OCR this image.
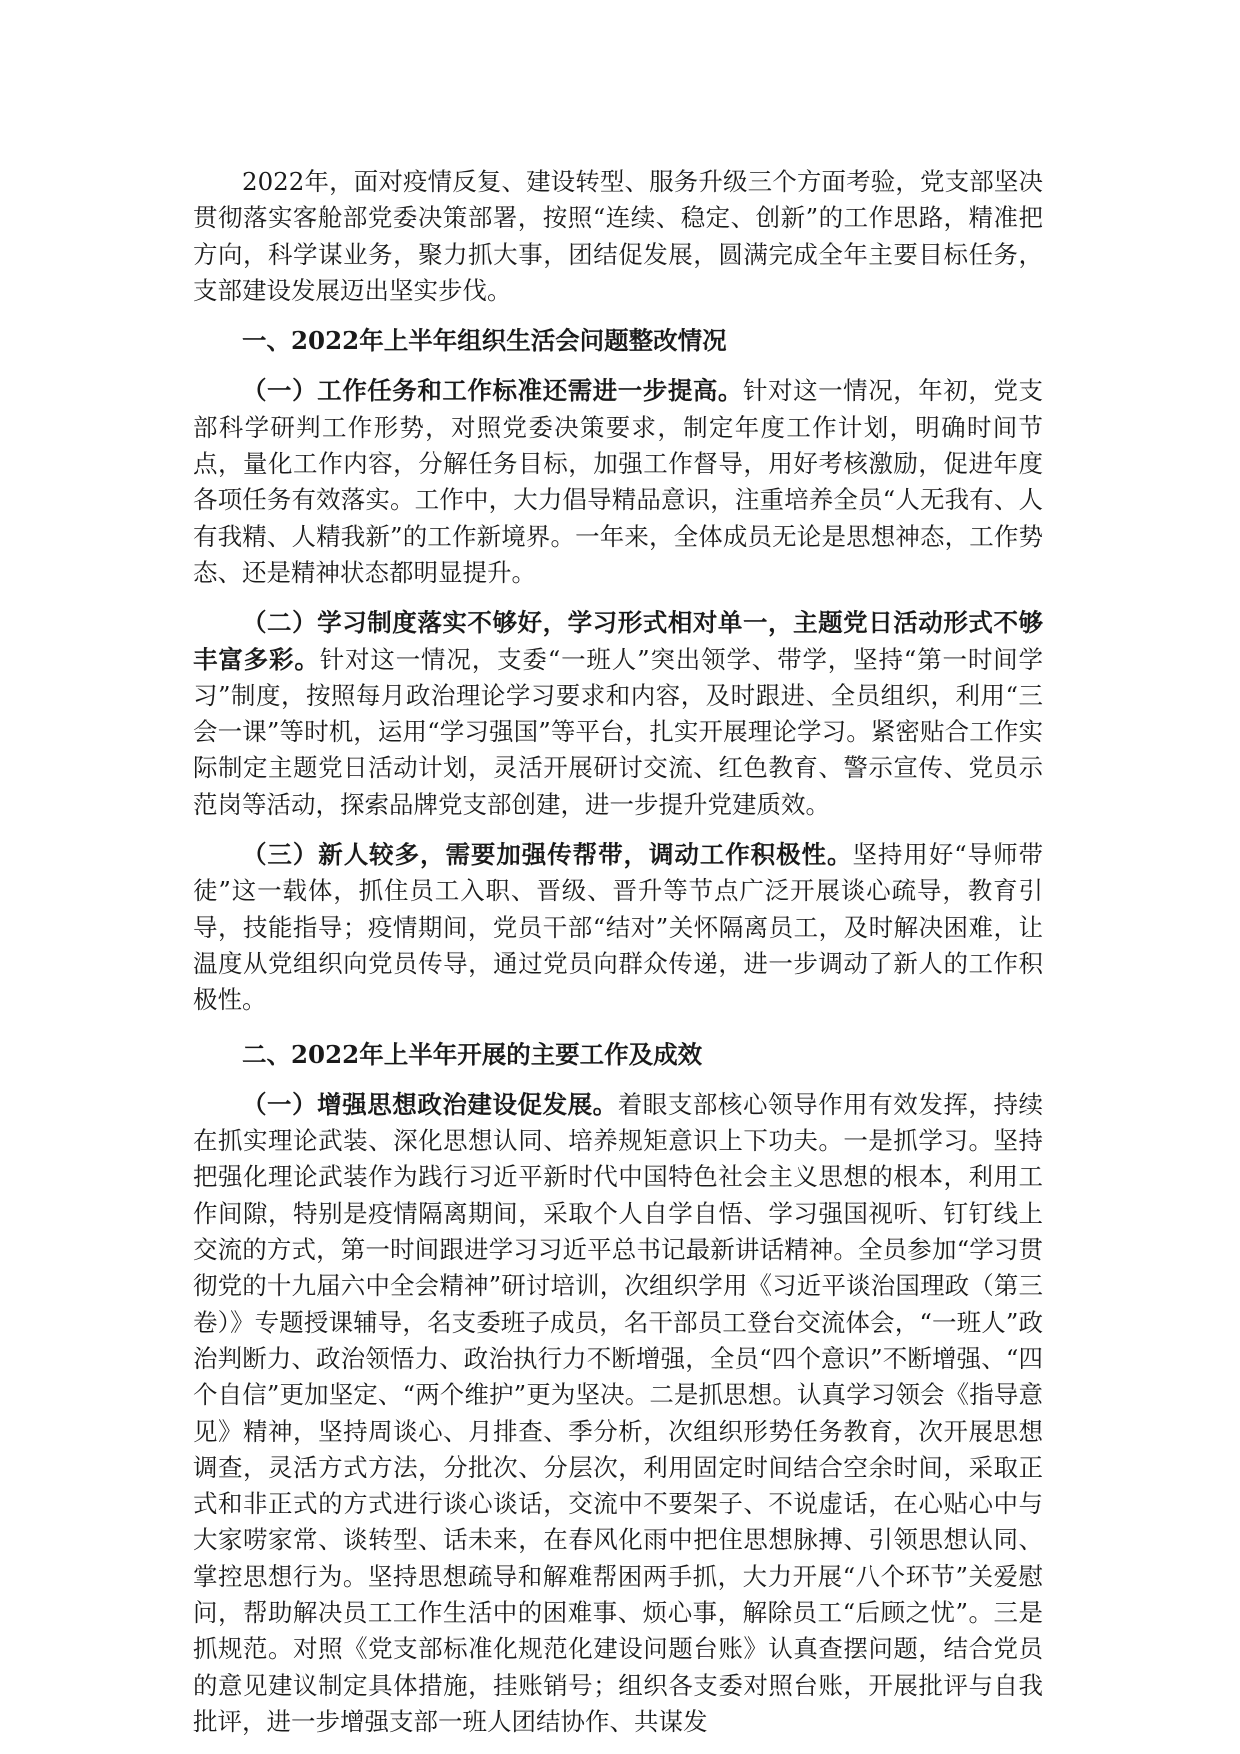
2022年，面对疫情反复、建设转型、服务升级三个方面考验，党支部坚决贯彻落实客舱部党委决策部署，按照“连续、稳定、创新”的工作思路，精准把方向，科学谋业务，聚力抓大事，团结促发展，圆满完成全年主要目标任务，支部建设发展迈出坚实步伐。

一、2022年上半年组织生活会问题整改情况

（一）工作任务和工作标准还需进一步提高。针对这一情况，年初，党支部科学研判工作形势，对照党委决策要求，制定年度工作计划，明确时间节点，量化工作内容，分解任务目标，加强工作督导，用好考核激励，促进年度各项任务有效落实。工作中，大力倡导精品意识，注重培养全员“人无我有、人有我精、人精我新”的工作新境界。一年来，全体成员无论是思想神态，工作势态、还是精神状态都明显提升。

（二）学习制度落实不够好，学习形式相对单一，主题党日活动形式不够丰富多彩。针对这一情况，支委“一班人”突出领学、带学，坚持“第一时间学习”制度，按照每月政治理论学习要求和内容，及时跟进、全员组织，利用“三会一课”等时机，运用“学习强国”等平台，扎实开展理论学习。紧密贴合工作实际制定主题党日活动计划，灵活开展研讨交流、红色教育、警示宣传、党员示范岗等活动，探索品牌党支部创建，进一步提升党建质效。

（三）新人较多，需要加强传帮带，调动工作积极性。坚持用好“导师带徒”这一载体，抓住员工入职、晋级、晋升等节点广泛开展谈心疏导，教育引导，技能指导；疫情期间，党员干部“结对”关怀隔离员工，及时解决困难，让温度从党组织向党员传导，通过党员向群众传递，进一步调动了新人的工作积极性。

二、2022年上半年开展的主要工作及成效

（一）增强思想政治建设促发展。着眼支部核心领导作用有效发挥，持续在抓实理论武装、深化思想认同、培养规矩意识上下功夫。一是抓学习。坚持把强化理论武装作为践行习近平新时代中国特色社会主义思想的根本，利用工作间隙，特别是疫情隔离期间，采取个人自学自悟、学习强国视听、钉钉线上交流的方式，第一时间跟进学习习近平总书记最新讲话精神。全员参加“学习贯彻党的十九届六中全会精神”研讨培训，次组织学用《习近平谈治国理政（第三卷）》专题授课辅导，名支委班子成员，名干部员工登台交流体会，“一班人”政治判断力、政治领悟力、政治执行力不断增强，全员“四个意识”不断增强、“四个自信”更加坚定、“两个维护”更为坚决。二是抓思想。认真学习领会《指导意见》精神，坚持周谈心、月排查、季分析，次组织形势任务教育，次开展思想调查，灵活方式方法，分批次、分层次，利用固定时间结合空余时间，采取正式和非正式的方式进行谈心谈话，交流中不要架子、不说虚话，在心贴心中与大家唠家常、谈转型、话未来，在春风化雨中把住思想脉搏、引领思想认同、掌控思想行为。坚持思想疏导和解难帮困两手抓，大力开展“八个环节”关爱慰问，帮助解决员工工作生活中的困难事、烦心事，解除员工“后顾之忧”。三是抓规范。对照《党支部标准化规范化建设问题台账》认真查摆问题，结合党员的意见建议制定具体措施，挂账销号；组织各支委对照台账，开展批评与自我批评，进一步增强支部一班人团结协作、共谋发
